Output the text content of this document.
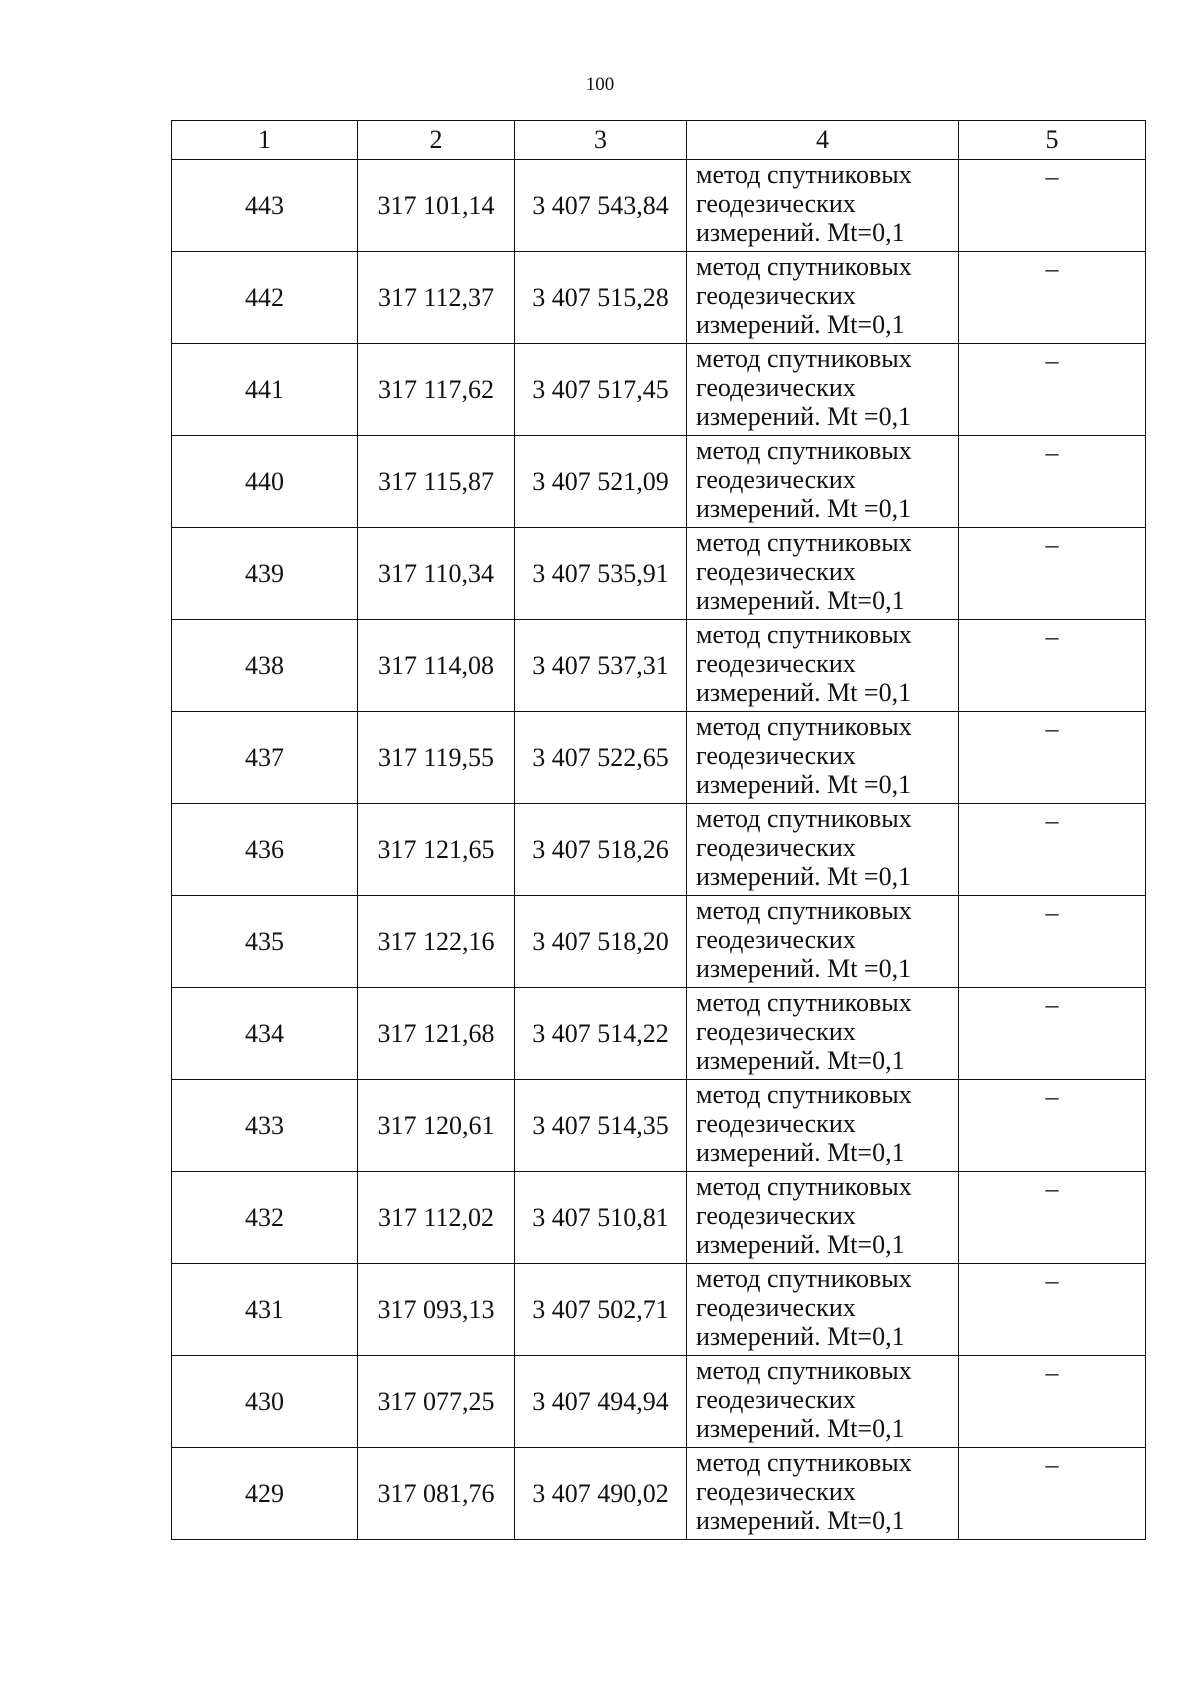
100
1	2	3	4	5
443	317 101,14	3 407 543,84	метод спутниковых
геодезических
измерений. Mt=0,1	–
442	317 112,37	3 407 515,28	метод спутниковых
геодезических
измерений. Mt=0,1	–
441	317 117,62	3 407 517,45	метод спутниковых
геодезических
измерений. Mt =0,1	–
440	317 115,87	3 407 521,09	метод спутниковых
геодезических
измерений. Mt =0,1	–
439	317 110,34	3 407 535,91	метод спутниковых
геодезических
измерений. Mt=0,1	–
438	317 114,08	3 407 537,31	метод спутниковых
геодезических
измерений. Mt =0,1	–
437	317 119,55	3 407 522,65	метод спутниковых
геодезических
измерений. Mt =0,1	–
436	317 121,65	3 407 518,26	метод спутниковых
геодезических
измерений. Mt =0,1	–
435	317 122,16	3 407 518,20	метод спутниковых
геодезических
измерений. Mt =0,1	–
434	317 121,68	3 407 514,22	метод спутниковых
геодезических
измерений. Mt=0,1	–
433	317 120,61	3 407 514,35	метод спутниковых
геодезических
измерений. Mt=0,1	–
432	317 112,02	3 407 510,81	метод спутниковых
геодезических
измерений. Mt=0,1	–
431	317 093,13	3 407 502,71	метод спутниковых
геодезических
измерений. Mt=0,1	–
430	317 077,25	3 407 494,94	метод спутниковых
геодезических
измерений. Mt=0,1	–
429	317 081,76	3 407 490,02	метод спутниковых
геодезических
измерений. Mt=0,1	–
